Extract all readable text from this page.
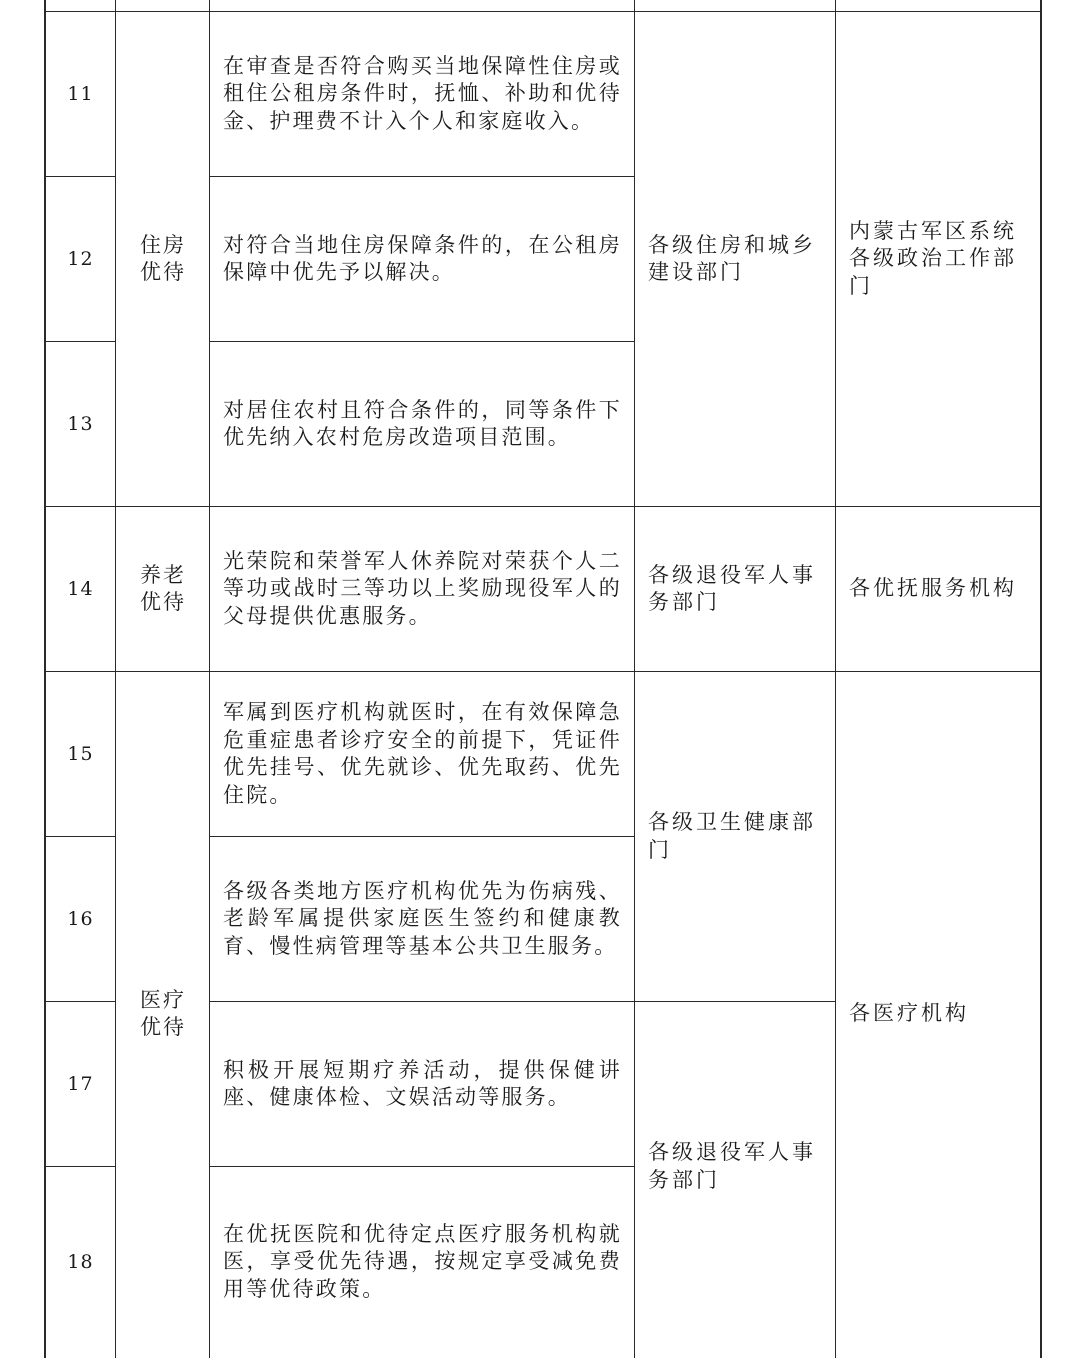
11
12
13
14
15
16
17
18
住房优待
养老优待
医疗优待
在审查是否符合购买当地保障性住房或租住公租房条件时，抚恤、补助和优待金、护理费不计入个人和家庭收入。
对符合当地住房保障条件的，在公租房保障中优先予以解决。
对居住农村且符合条件的，同等条件下优先纳入农村危房改造项目范围。
光荣院和荣誉军人休养院对荣获个人二等功或战时三等功以上奖励现役军人的父母提供优惠服务。
军属到医疗机构就医时，在有效保障急危重症患者诊疗安全的前提下，凭证件优先挂号、优先就诊、优先取药、优先住院。
各级各类地方医疗机构优先为伤病残、老龄军属提供家庭医生签约和健康教育、慢性病管理等基本公共卫生服务。
积极开展短期疗养活动，提供保健讲座、健康体检、文娱活动等服务。
在优抚医院和优待定点医疗服务机构就医，享受优先待遇，按规定享受减免费用等优待政策。
各级住房和城乡建设部门
各级退役军人事务部门
各级卫生健康部门
各级退役军人事务部门
内蒙古军区系统各级政治工作部门
各优抚服务机构
各医疗机构
